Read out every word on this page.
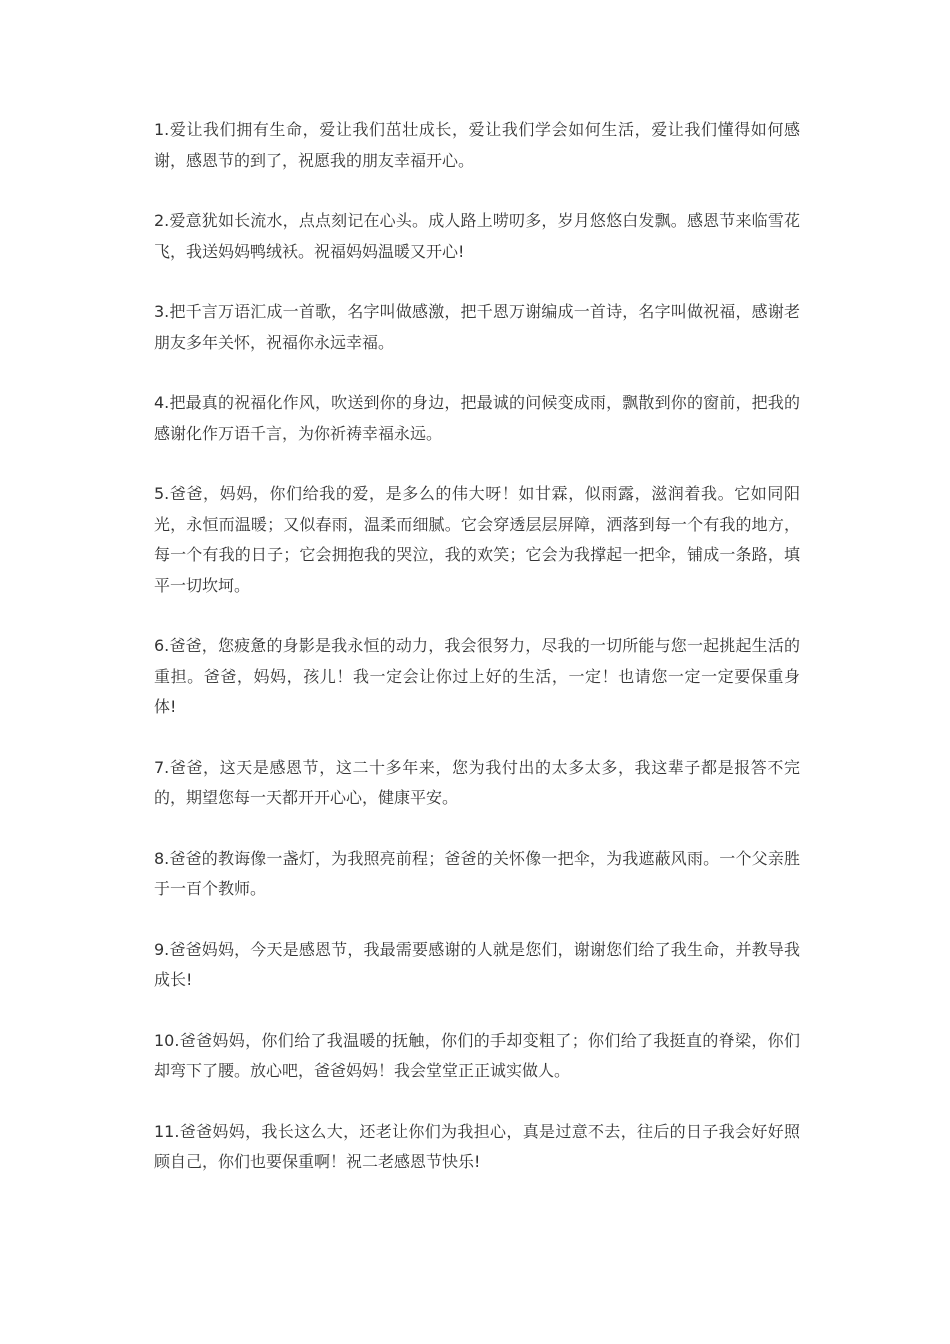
1.爱让我们拥有生命，爱让我们茁壮成长，爱让我们学会如何生活，爱让我们懂得如何感谢，感恩节的到了，祝愿我的朋友幸福开心。

2.爱意犹如长流水，点点刻记在心头。成人路上唠叨多，岁月悠悠白发飘。感恩节来临雪花飞，我送妈妈鸭绒袄。祝福妈妈温暖又开心!

3.把千言万语汇成一首歌，名字叫做感激，把千恩万谢编成一首诗，名字叫做祝福，感谢老朋友多年关怀，祝福你永远幸福。

4.把最真的祝福化作风，吹送到你的身边，把最诚的问候变成雨，飘散到你的窗前，把我的感谢化作万语千言，为你祈祷幸福永远。

5.爸爸，妈妈，你们给我的爱，是多么的伟大呀！如甘霖，似雨露，滋润着我。它如同阳光，永恒而温暖；又似春雨，温柔而细腻。它会穿透层层屏障，洒落到每一个有我的地方，每一个有我的日子；它会拥抱我的哭泣，我的欢笑；它会为我撑起一把伞，铺成一条路，填平一切坎坷。

6.爸爸，您疲惫的身影是我永恒的动力，我会很努力，尽我的一切所能与您一起挑起生活的重担。爸爸，妈妈，孩儿！我一定会让你过上好的生活，一定！也请您一定一定要保重身体!

7.爸爸，这天是感恩节，这二十多年来，您为我付出的太多太多，我这辈子都是报答不完的，期望您每一天都开开心心，健康平安。

8.爸爸的教诲像一盏灯，为我照亮前程；爸爸的关怀像一把伞，为我遮蔽风雨。一个父亲胜于一百个教师。

9.爸爸妈妈，今天是感恩节，我最需要感谢的人就是您们，谢谢您们给了我生命，并教导我成长!

10.爸爸妈妈，你们给了我温暖的抚触，你们的手却变粗了；你们给了我挺直的脊梁，你们却弯下了腰。放心吧，爸爸妈妈！我会堂堂正正诚实做人。

11.爸爸妈妈，我长这么大，还老让你们为我担心，真是过意不去，往后的日子我会好好照顾自己，你们也要保重啊！祝二老感恩节快乐!
